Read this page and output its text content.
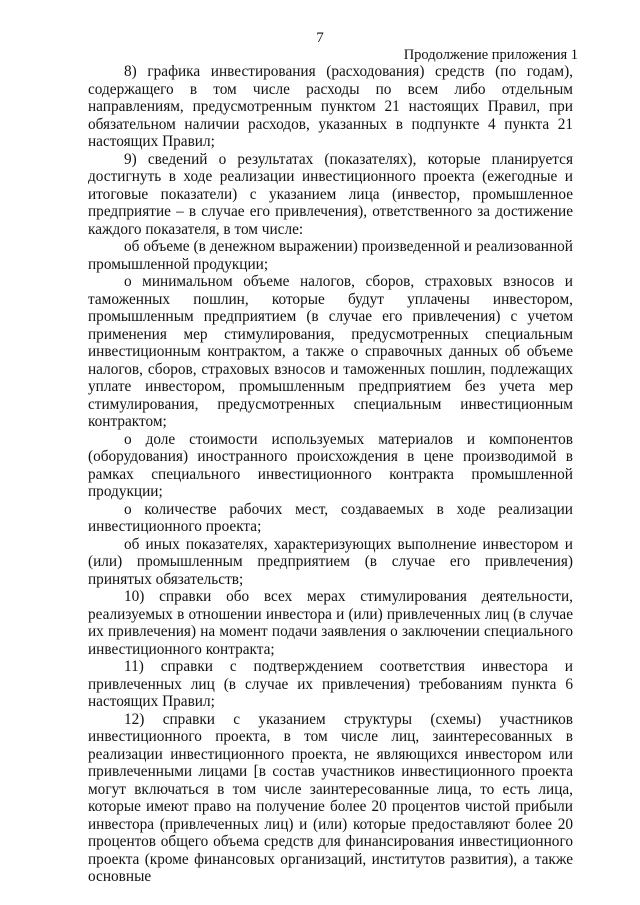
7
Продолжение приложения 1

8) графика инвестирования (расходования) средств (по годам), содержащего в том числе расходы по всем либо отдельным направлениям, предусмотренным пунктом 21 настоящих Правил, при обязательном наличии расходов, указанных в подпункте 4 пункта 21 настоящих Правил;

9) сведений о результатах (показателях), которые планируется достигнуть в ходе реализации инвестиционного проекта (ежегодные и итоговые показатели) с указанием лица (инвестор, промышленное предприятие – в случае его привлечения), ответственного за достижение каждого показателя, в том числе:

об объеме (в денежном выражении) произведенной и реализованной промышленной продукции;

о минимальном объеме налогов, сборов, страховых взносов и таможенных пошлин, которые будут уплачены инвестором, промышленным предприятием (в случае его привлечения) с учетом применения мер стимулирования, предусмотренных специальным инвестиционным контрактом, а также о справочных данных об объеме налогов, сборов, страховых взносов и таможенных пошлин, подлежащих уплате инвестором, промышленным предприятием без учета мер стимулирования, предусмотренных специальным инвестиционным контрактом;

о доле стоимости используемых материалов и компонентов (оборудования) иностранного происхождения в цене производимой в рамках специального инвестиционного контракта промышленной продукции;

о количестве рабочих мест, создаваемых в ходе реализации инвестиционного проекта;

об иных показателях, характеризующих выполнение инвестором и (или) промышленным предприятием (в случае его привлечения) принятых обязательств;

10) справки обо всех мерах стимулирования деятельности, реализуемых в отношении инвестора и (или) привлеченных лиц (в случае их привлечения) на момент подачи заявления о заключении специального инвестиционного контракта;

11) справки с подтверждением соответствия инвестора и привлеченных лиц (в случае их привлечения) требованиям пункта 6 настоящих Правил;

12) справки с указанием структуры (схемы) участников инвестиционного проекта, в том числе лиц, заинтересованных в реализации инвестиционного проекта, не являющихся инвестором или привлеченными лицами [в состав участников инвестиционного проекта могут включаться в том числе заинтересованные лица, то есть лица, которые имеют право на получение более 20 процентов чистой прибыли инвестора (привлеченных лиц) и (или) которые предоставляют более 20 процентов общего объема средств для финансирования инвестиционного проекта (кроме финансовых организаций, институтов развития), а также основные
